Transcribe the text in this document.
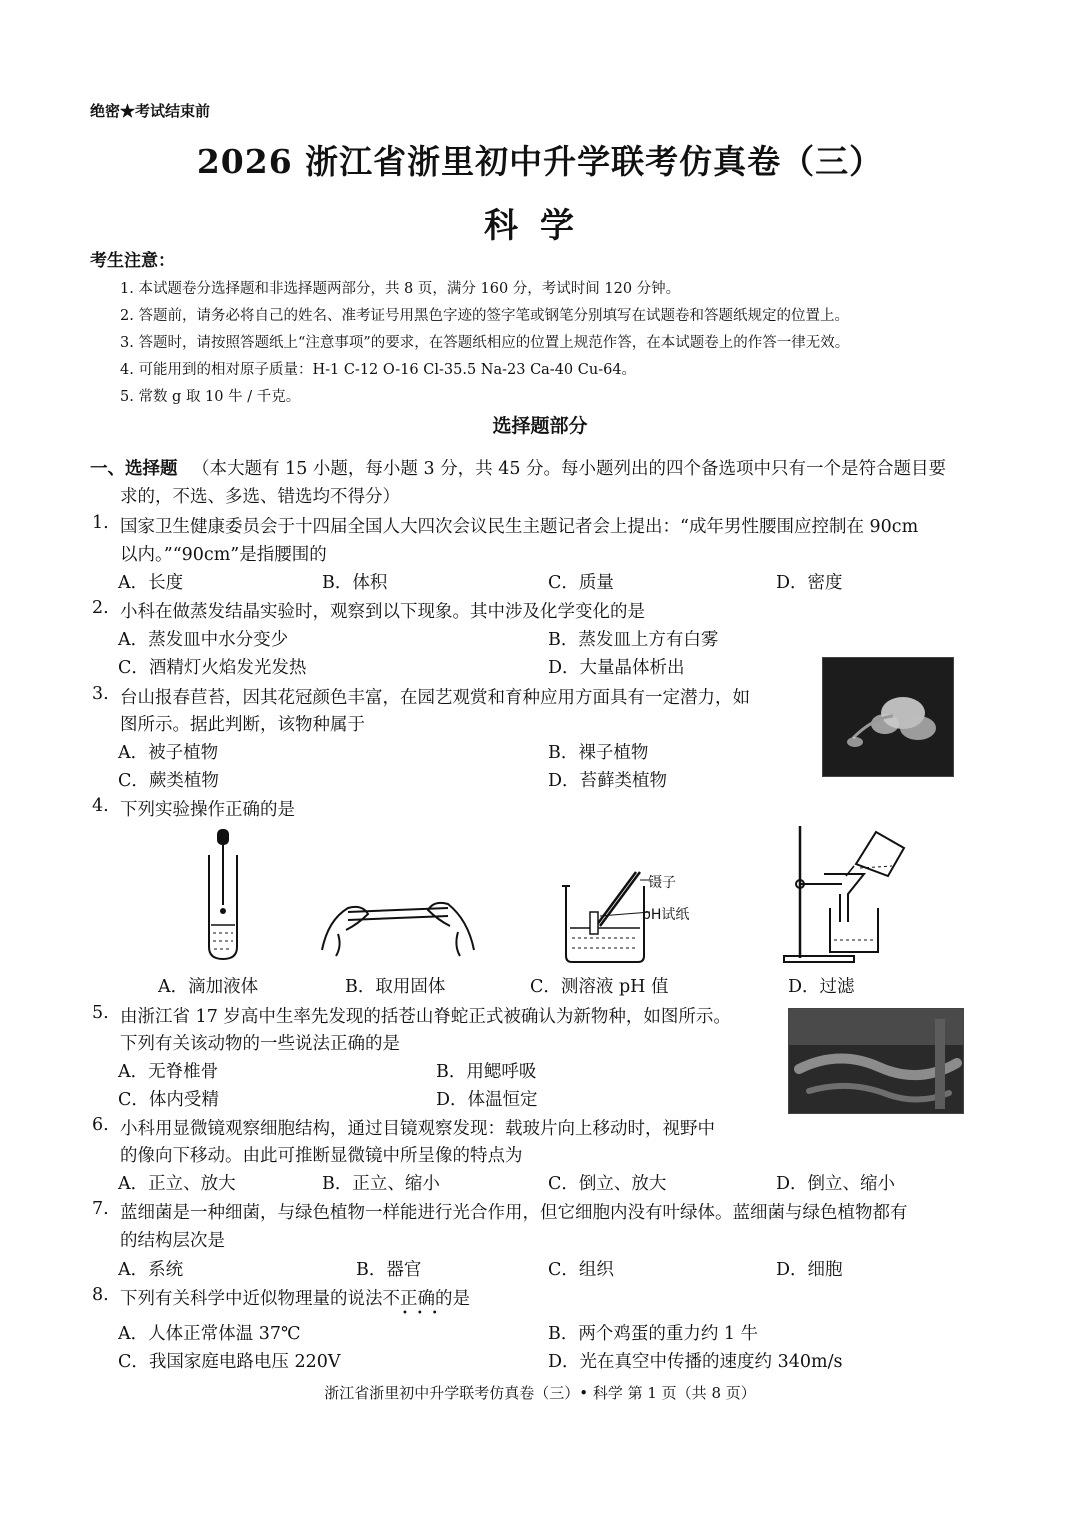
绝密★考试结束前
2026 浙江省浙里初中升学联考仿真卷（三）
科学
考生注意：
1. 本试题卷分选择题和非选择题两部分，共 8 页，满分 160 分，考试时间 120 分钟。
2. 答题前，请务必将自己的姓名、准考证号用黑色字迹的签字笔或钢笔分别填写在试题卷和答题纸规定的位置上。
3. 答题时，请按照答题纸上“注意事项”的要求，在答题纸相应的位置上规范作答，在本试题卷上的作答一律无效。
4. 可能用到的相对原子质量：H-1 C-12 O-16 Cl-35.5 Na-23 Ca-40 Cu-64。
5. 常数 g 取 10 牛 / 千克。
选择题部分
一、选择题 （本大题有 15 小题，每小题 3 分，共 45 分。每小题列出的四个备选项中只有一个是符合题目要
求的，不选、多选、错选均不得分）
1. 国家卫生健康委员会于十四届全国人大四次会议民生主题记者会上提出：“成年男性腰围应控制在 90cm
以内。”“90cm”是指腰围的
A．长度	B．体积	C．质量	D．密度
2. 小科在做蒸发结晶实验时，观察到以下现象。其中涉及化学变化的是
A．蒸发皿中水分变少	B．蒸发皿上方有白雾
C．酒精灯火焰发光发热	D．大量晶体析出
3. 台山报春苣苔，因其花冠颜色丰富，在园艺观赏和育种应用方面具有一定潜力，如
图所示。据此判断，该物种属于
A．被子植物	B．裸子植物
C．蕨类植物	D．苔藓类植物
4. 下列实验操作正确的是
镊子
pH试纸
A．滴加液体	B．取用固体	C．测溶液 pH 值	D．过滤
5. 由浙江省 17 岁高中生率先发现的括苍山脊蛇正式被确认为新物种，如图所示。
下列有关该动物的一些说法正确的是
A．无脊椎骨	B．用鳃呼吸
C．体内受精	D．体温恒定
6. 小科用显微镜观察细胞结构，通过目镜观察发现：载玻片向上移动时，视野中
的像向下移动。由此可推断显微镜中所呈像的特点为
A．正立、放大	B．正立、缩小	C．倒立、放大	D．倒立、缩小
7. 蓝细菌是一种细菌，与绿色植物一样能进行光合作用，但它细胞内没有叶绿体。蓝细菌与绿色植物都有
的结构层次是
A．系统	B．器官	C．组织	D．细胞
8. 下列有关科学中近似物理量的说法不正确的是
•••
A．人体正常体温 37℃	B．两个鸡蛋的重力约 1 牛
C．我国家庭电路电压 220V	D．光在真空中传播的速度约 340m/s
浙江省浙里初中升学联考仿真卷（三）• 科学 第 1 页（共 8 页）
